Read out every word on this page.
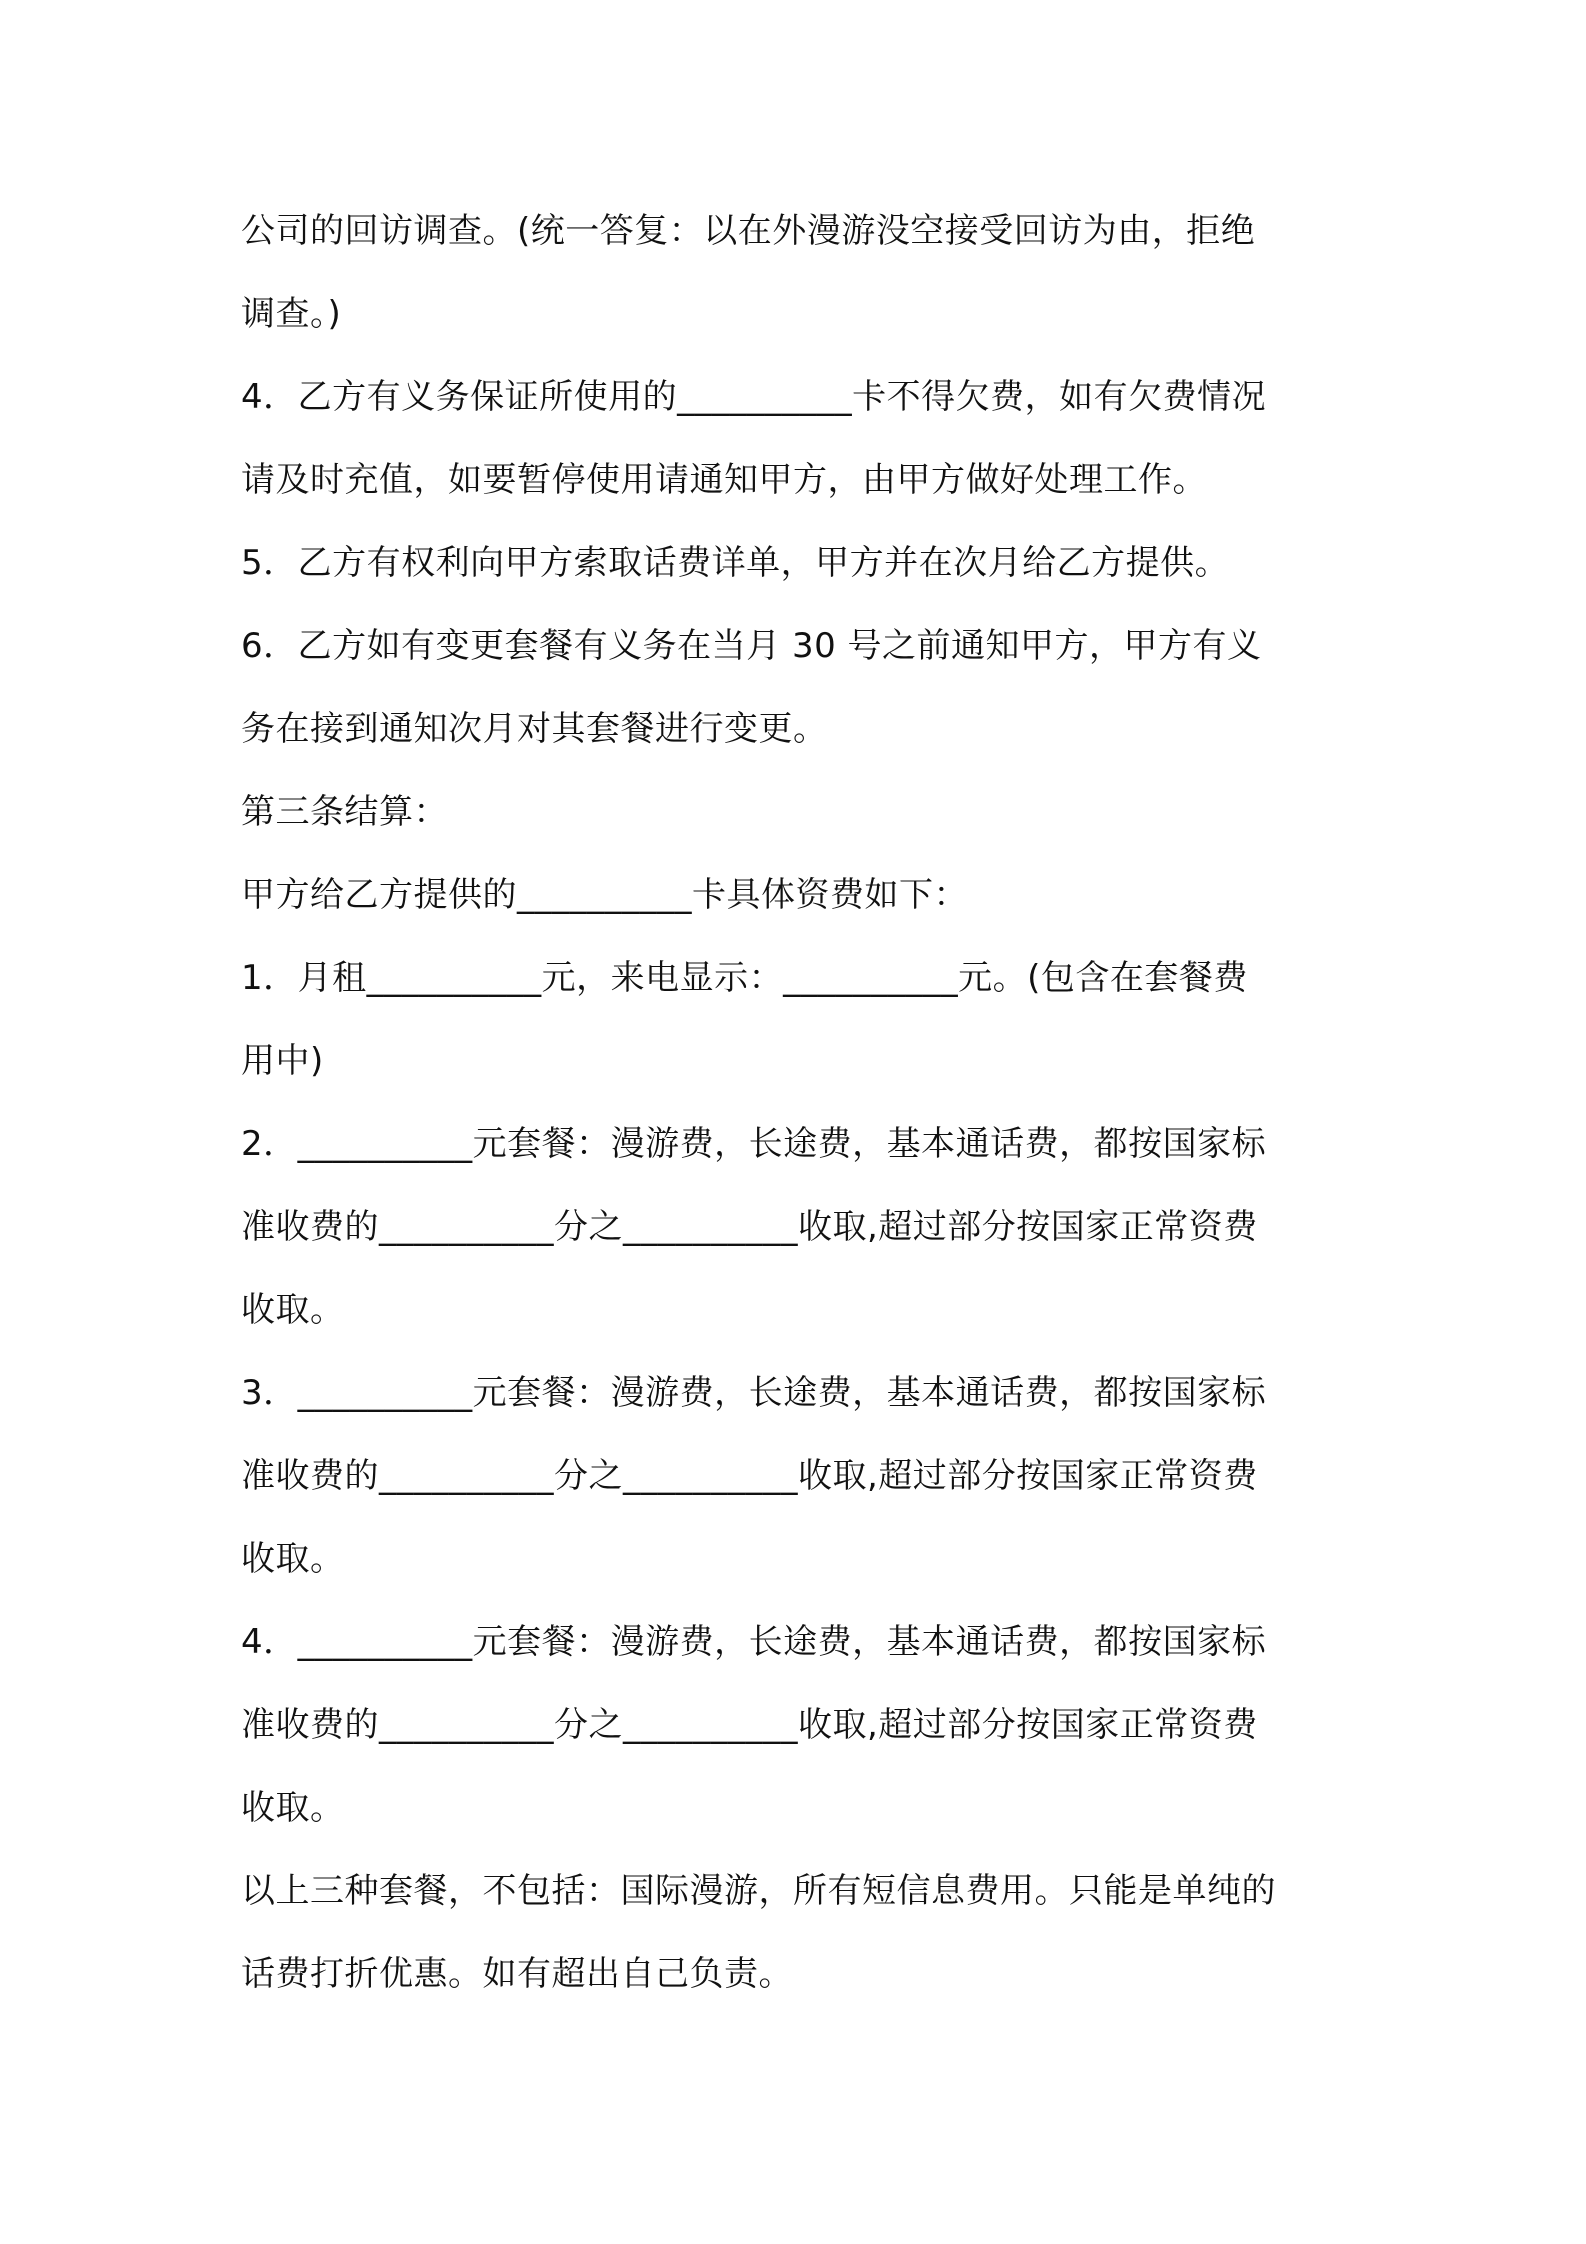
公司的回访调查。(统一答复：以在外漫游没空接受回访为由，拒绝
调查。)
4．乙方有义务保证所使用的__________卡不得欠费，如有欠费情况
请及时充值，如要暂停使用请通知甲方，由甲方做好处理工作。
5．乙方有权利向甲方索取话费详单，甲方并在次月给乙方提供。
6．乙方如有变更套餐有义务在当月 30 号之前通知甲方，甲方有义
务在接到通知次月对其套餐进行变更。
第三条结算：
甲方给乙方提供的__________卡具体资费如下：
1．月租__________元，来电显示：__________元。(包含在套餐费
用中)
2．__________元套餐：漫游费，长途费，基本通话费，都按国家标
准收费的__________分之__________收取,超过部分按国家正常资费
收取。
3．__________元套餐：漫游费，长途费，基本通话费，都按国家标
准收费的__________分之__________收取,超过部分按国家正常资费
收取。
4．__________元套餐：漫游费，长途费，基本通话费，都按国家标
准收费的__________分之__________收取,超过部分按国家正常资费
收取。
以上三种套餐，不包括：国际漫游，所有短信息费用。只能是单纯的
话费打折优惠。如有超出自己负责。
